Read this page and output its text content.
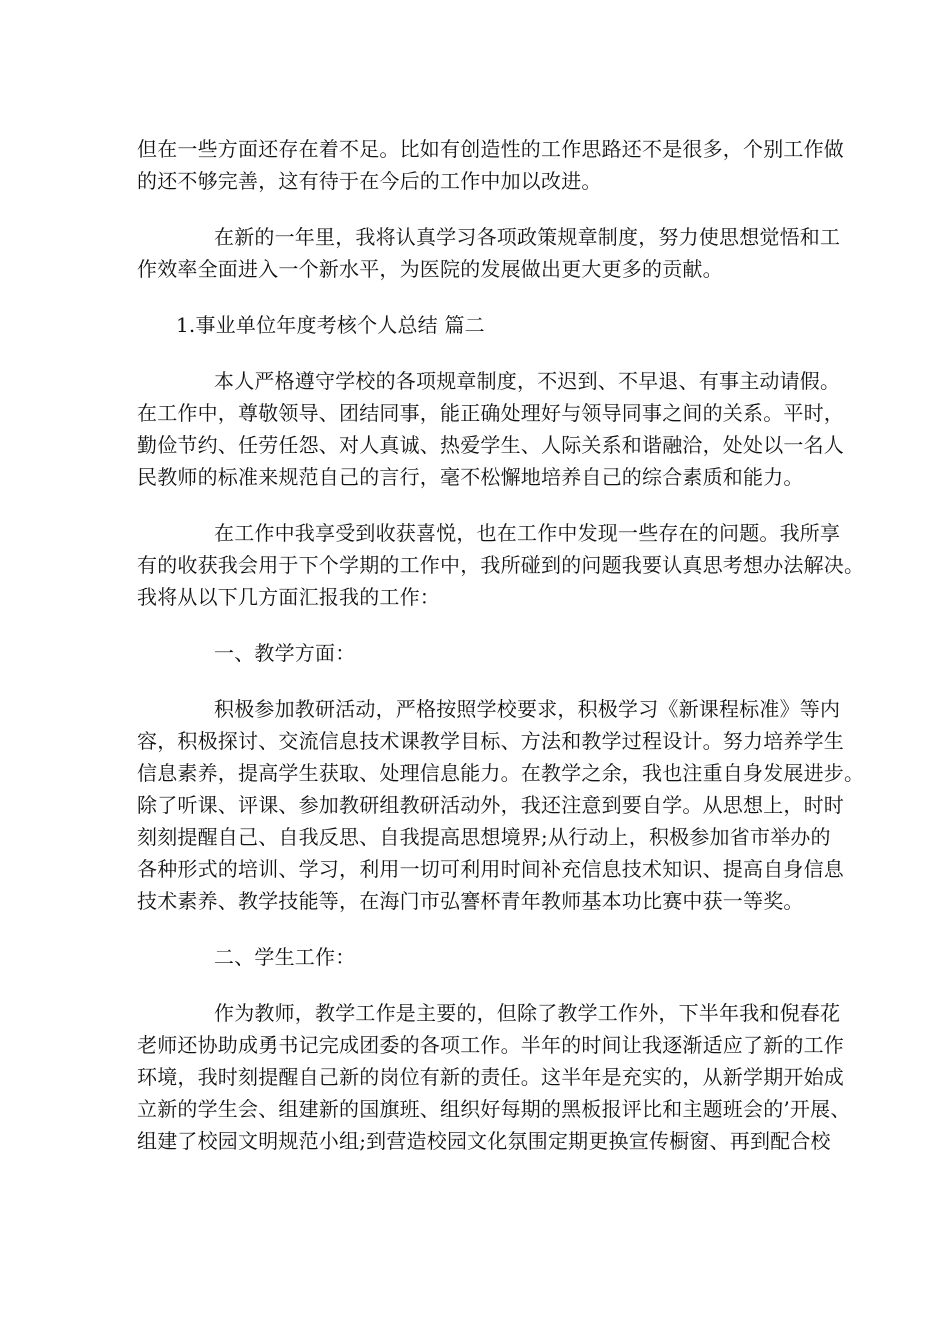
但在一些方面还存在着不足。比如有创造性的工作思路还不是很多，个别工作做
的还不够完善，这有待于在今后的工作中加以改进。
在新的一年里，我将认真学习各项政策规章制度，努力使思想觉悟和工
作效率全面进入一个新水平，为医院的发展做出更大更多的贡献。
1.事业单位年度考核个人总结 篇二
本人严格遵守学校的各项规章制度，不迟到、不早退、有事主动请假。
在工作中，尊敬领导、团结同事，能正确处理好与领导同事之间的关系。平时，
勤俭节约、任劳任怨、对人真诚、热爱学生、人际关系和谐融洽，处处以一名人
民教师的标准来规范自己的言行，毫不松懈地培养自己的综合素质和能力。
在工作中我享受到收获喜悦，也在工作中发现一些存在的问题。我所享
有的收获我会用于下个学期的工作中，我所碰到的问题我要认真思考想办法解决。
我将从以下几方面汇报我的工作：
一、教学方面：
积极参加教研活动，严格按照学校要求，积极学习《新课程标准》等内
容，积极探讨、交流信息技术课教学目标、方法和教学过程设计。努力培养学生
信息素养，提高学生获取、处理信息能力。在教学之余，我也注重自身发展进步。
除了听课、评课、参加教研组教研活动外，我还注意到要自学。从思想上，时时
刻刻提醒自己、自我反思、自我提高思想境界;从行动上，积极参加省市举办的
各种形式的培训、学习，利用一切可利用时间补充信息技术知识、提高自身信息
技术素养、教学技能等，在海门市弘謇杯青年教师基本功比赛中获一等奖。
二、学生工作：
作为教师，教学工作是主要的，但除了教学工作外，下半年我和倪春花
老师还协助成勇书记完成团委的各项工作。半年的时间让我逐渐适应了新的工作
环境，我时刻提醒自己新的岗位有新的责任。这半年是充实的，从新学期开始成
立新的学生会、组建新的国旗班、组织好每期的黑板报评比和主题班会的’开展、
组建了校园文明规范小组;到营造校园文化氛围定期更换宣传橱窗、再到配合校
